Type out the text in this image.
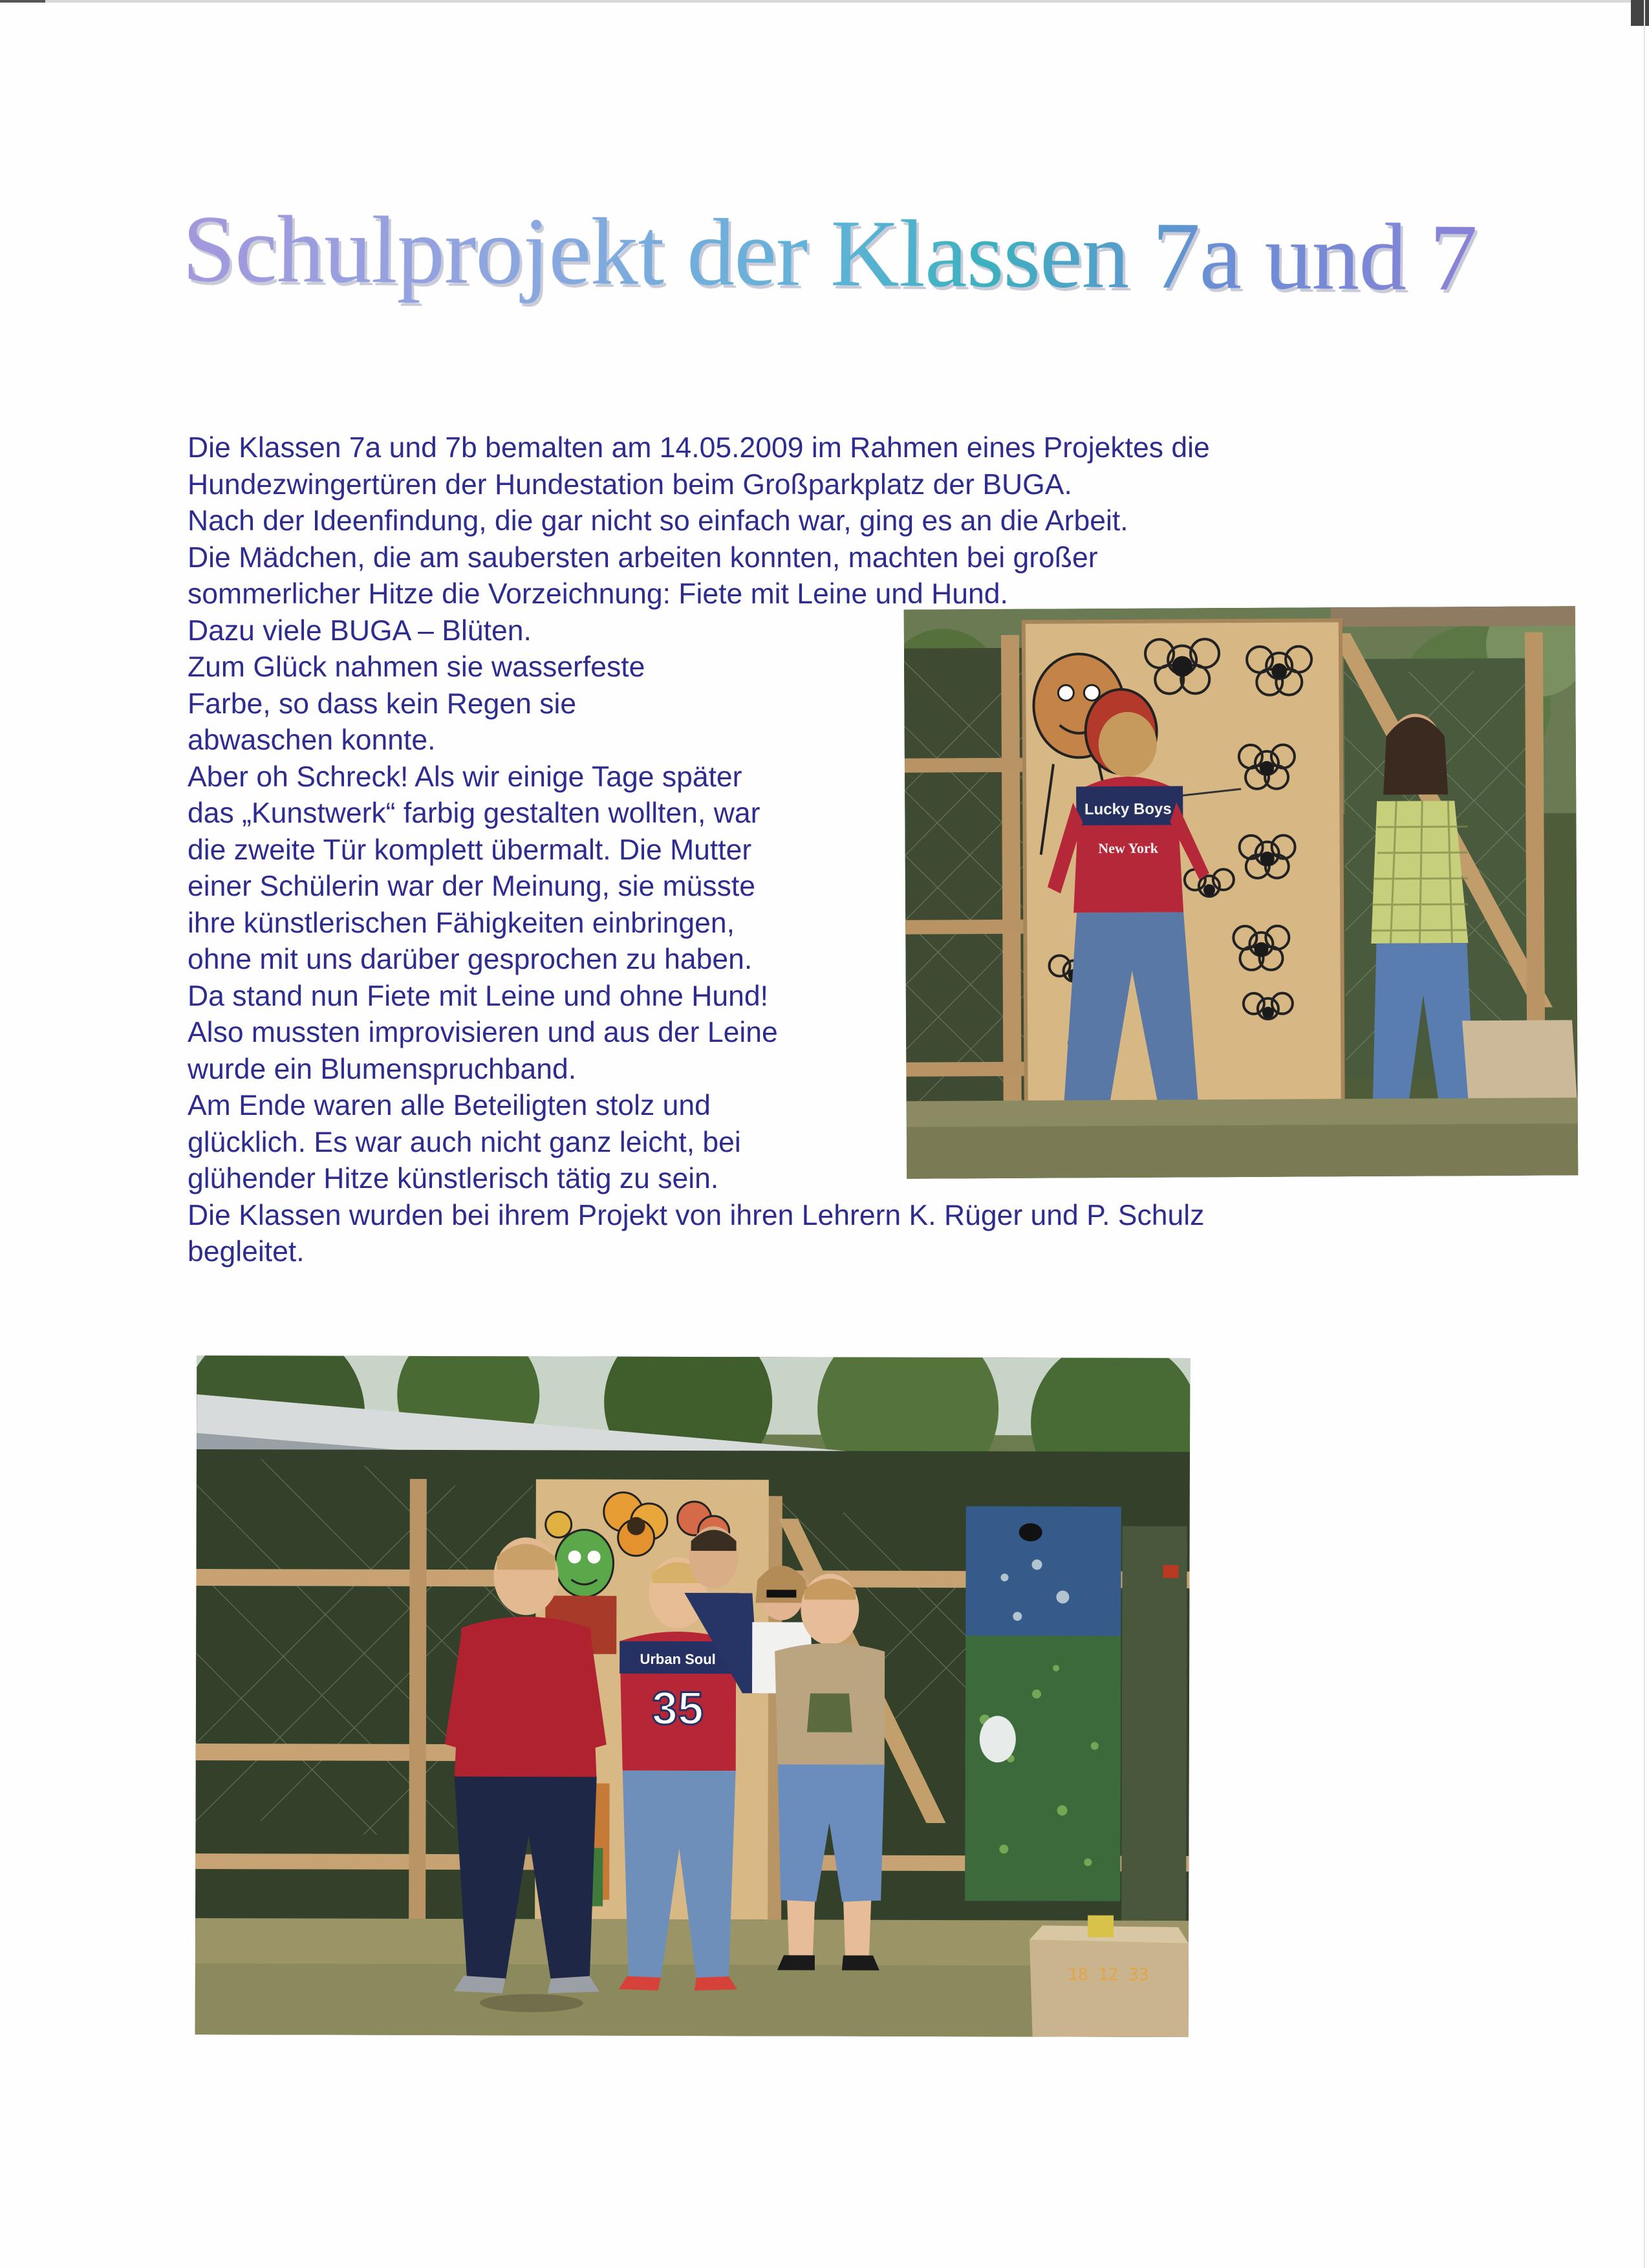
Schulprojekt der Klassen 7a und 7b

Die Klassen 7a und 7b bemalten am 14.05.2009 im Rahmen eines Projektes die

Hundezwingertüren der Hundestation beim Großparkplatz der BUGA.

Nach der Ideenfindung, die gar nicht so einfach war, ging es an die Arbeit.

Die Mädchen, die am saubersten arbeiten konnten, machten bei großer

sommerlicher Hitze die Vorzeichnung: Fiete mit Leine und Hund.

Dazu viele BUGA – Blüten.

Zum Glück nahmen sie wasserfeste

Farbe, so dass kein Regen sie

abwaschen konnte.

Aber oh Schreck! Als wir einige Tage später

das „Kunstwerk“ farbig gestalten wollten, war

die zweite Tür komplett übermalt. Die Mutter

einer Schülerin war der Meinung, sie müsste

ihre künstlerischen Fähigkeiten einbringen,

ohne mit uns darüber gesprochen zu haben.

Da stand nun Fiete mit Leine und ohne Hund!

Also mussten improvisieren und aus der Leine

wurde ein Blumenspruchband.

Am Ende waren alle Beteiligten stolz und

glücklich. Es war auch nicht ganz leicht, bei

glühender Hitze künstlerisch tätig zu sein.

Die Klassen wurden bei ihrem Projekt von ihren Lehrern K. Rüger und P. Schulz

begleitet.

Lucky Boys
New York
Urban Soul
35
18 12 33
